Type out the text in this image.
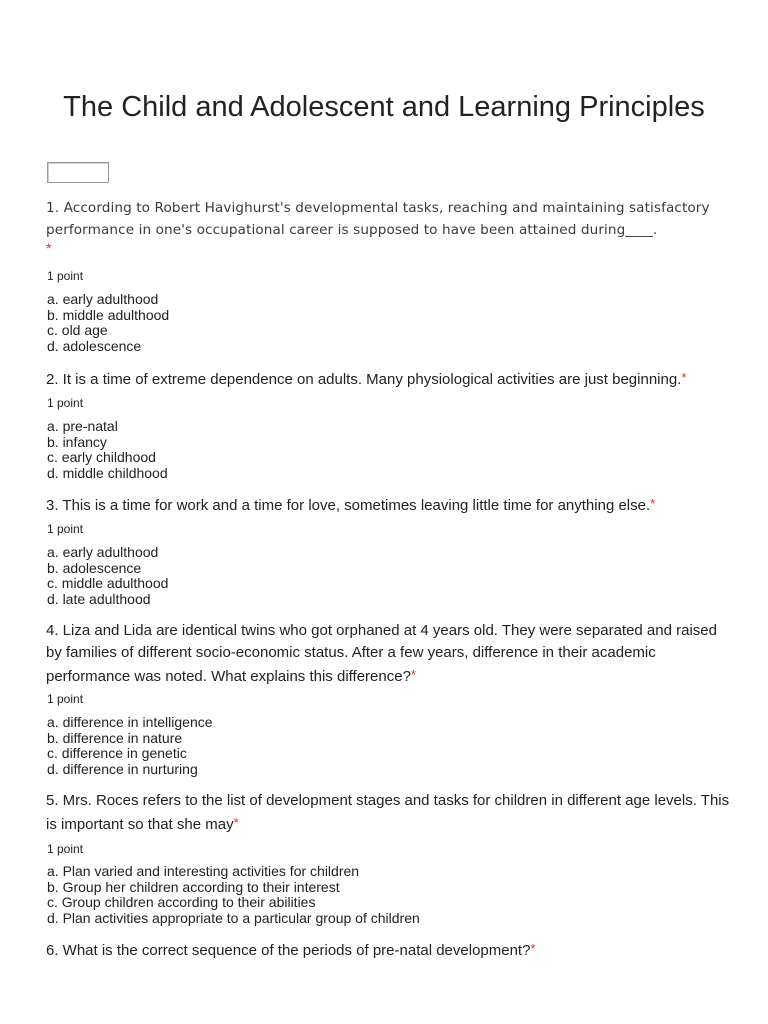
The Child and Adolescent and Learning Principles
1. According to Robert Havighurst's developmental tasks, reaching and maintaining satisfactory performance in one's occupational career is supposed to have been attained during____.
*
1 point
a. early adulthood
b. middle adulthood
c. old age
d. adolescence
2. It is a time of extreme dependence on adults. Many physiological activities are just beginning.*
1 point
a. pre-natal
b. infancy
c. early childhood
d. middle childhood
3. This is a time for work and a time for love, sometimes leaving little time for anything else.*
1 point
a. early adulthood
b. adolescence
c. middle adulthood
d. late adulthood
4. Liza and Lida are identical twins who got orphaned at 4 years old. They were separated and raised by families of different socio-economic status. After a few years, difference in their academic performance was noted. What explains this difference?*
1 point
a. difference in intelligence
b. difference in nature
c. difference in genetic
d. difference in nurturing
5. Mrs. Roces refers to the list of development stages and tasks for children in different age levels. This is important so that she may*
1 point
a. Plan varied and interesting activities for children
b. Group her children according to their interest
c. Group children according to their abilities
d. Plan activities appropriate to a particular group of children
6. What is the correct sequence of the periods of pre-natal development?*
